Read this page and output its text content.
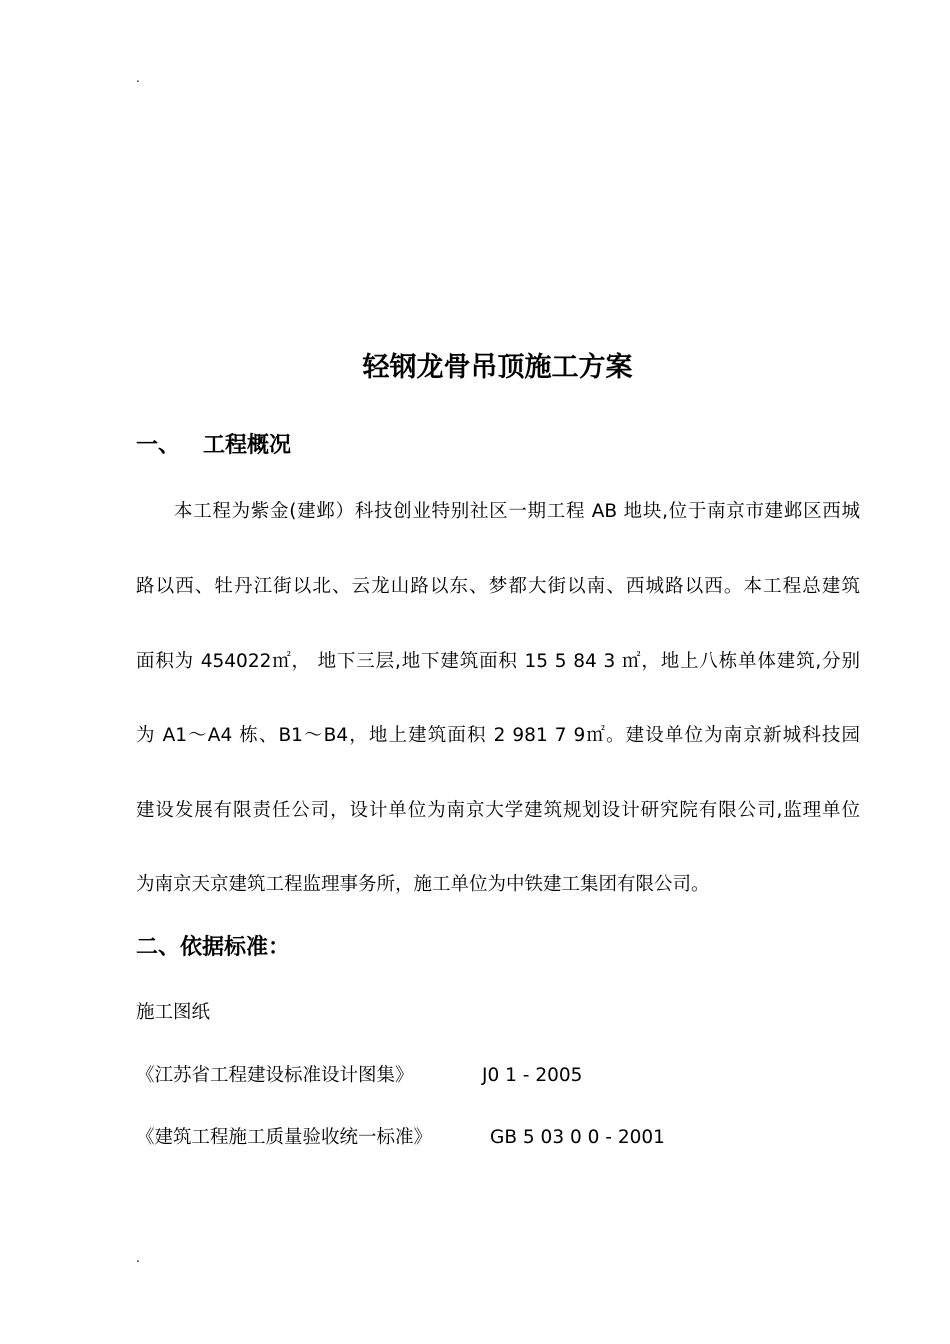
.
轻钢龙骨吊顶施工方案
一、 工程概况
本工程为紫金(建邺）科技创业特别社区一期工程 AB 地块,位于南京市建邺区西城
路以西、牡丹江街以北、云龙山路以东、梦都大街以南、西城路以西。本工程总建筑
面积为 454022㎡， 地下三层,地下建筑面积 15 5 84 3 ㎡，地上八栋单体建筑,分别
为 A1～A4 栋、B1～B4，地上建筑面积 2 981 7 9㎡。建设单位为南京新城科技园
建设发展有限责任公司，设计单位为南京大学建筑规划设计研究院有限公司,监理单位
为南京天京建筑工程监理事务所，施工单位为中铁建工集团有限公司。
二、依据标准：
施工图纸
《江苏省工程建设标准设计图集》	J0 1 - 2005
《建筑工程施工质量验收统一标准》	GB 5 03 0 0 - 2001
.
